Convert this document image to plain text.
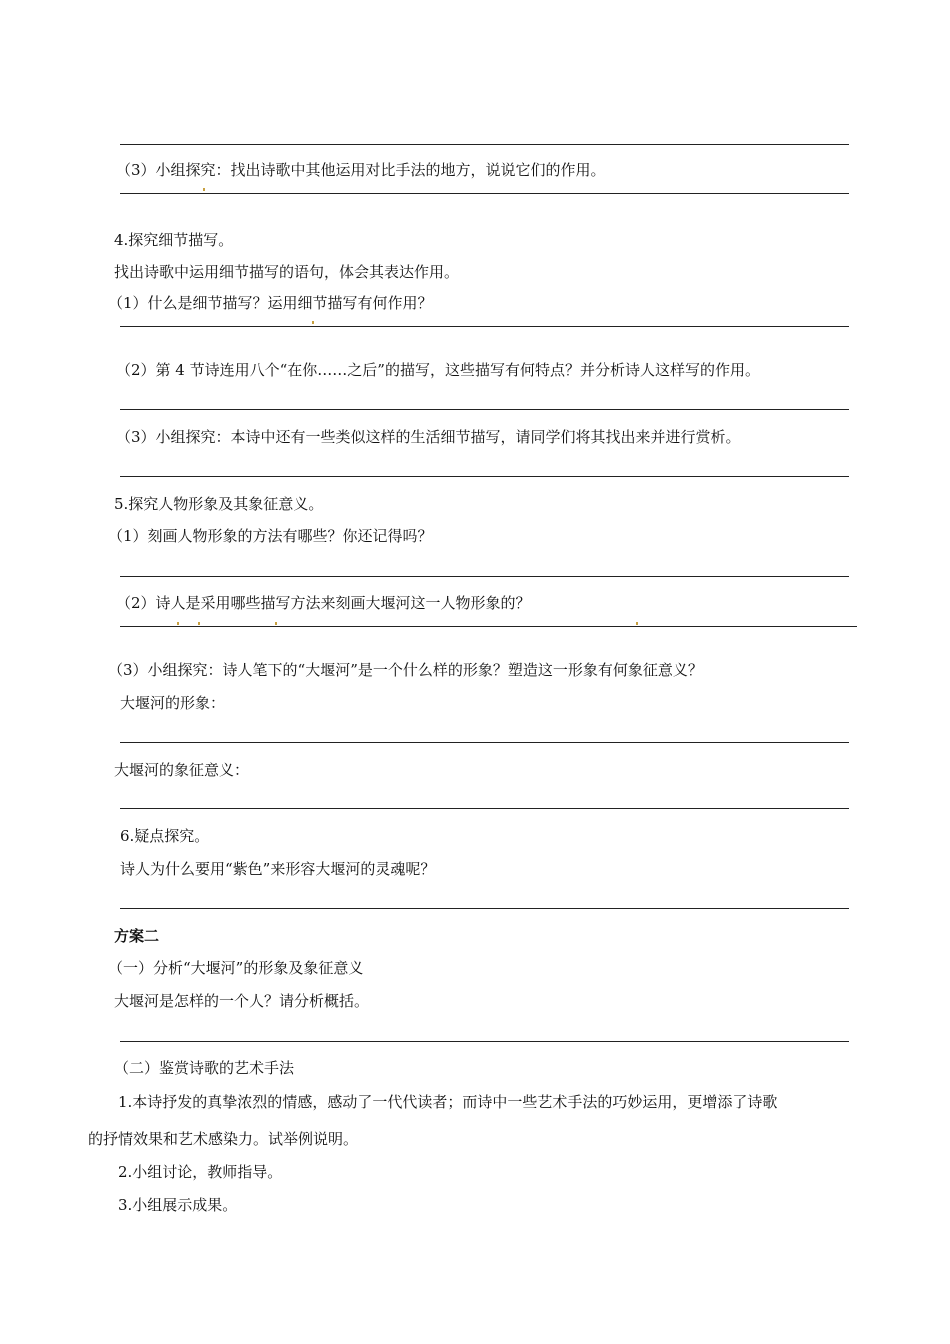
（3）小组探究：找出诗歌中其他运用对比手法的地方，说说它们的作用。
4.探究细节描写。
找出诗歌中运用细节描写的语句，体会其表达作用。
（1）什么是细节描写？运用细节描写有何作用？
（2）第 4 节诗连用八个“在你……之后”的描写，这些描写有何特点？并分析诗人这样写的作用。
（3）小组探究：本诗中还有一些类似这样的生活细节描写，请同学们将其找出来并进行赏析。
5.探究人物形象及其象征意义。
（1）刻画人物形象的方法有哪些？你还记得吗？
（2）诗人是采用哪些描写方法来刻画大堰河这一人物形象的？
（3）小组探究：诗人笔下的“大堰河”是一个什么样的形象？塑造这一形象有何象征意义？
大堰河的形象：
大堰河的象征意义：
6.疑点探究。
诗人为什么要用“紫色”来形容大堰河的灵魂呢？
方案二
（一）分析“大堰河”的形象及象征意义
大堰河是怎样的一个人？请分析概括。
（二）鉴赏诗歌的艺术手法
1.本诗抒发的真挚浓烈的情感，感动了一代代读者；而诗中一些艺术手法的巧妙运用，更增添了诗歌
的抒情效果和艺术感染力。试举例说明。
2.小组讨论，教师指导。
3.小组展示成果。
